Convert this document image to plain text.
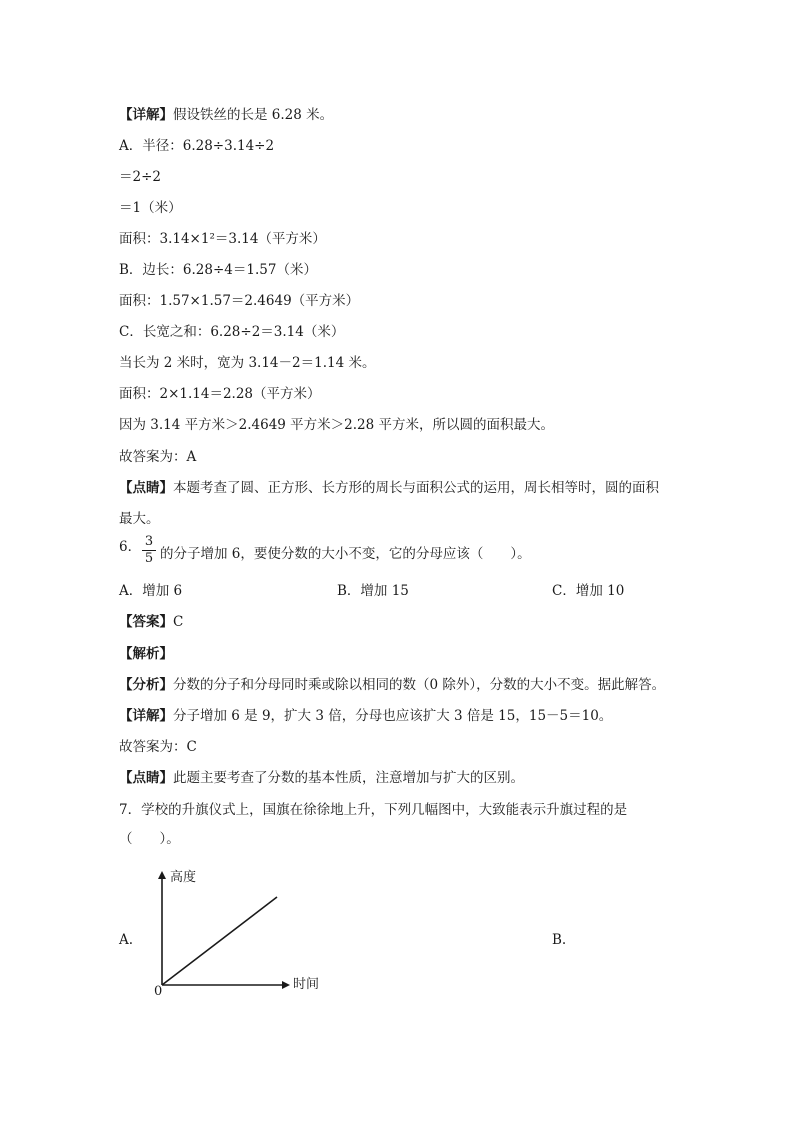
【详解】假设铁丝的长是 6.28 米。
A．半径：6.28÷3.14÷2
＝2÷2
＝1（米）
面积：3.14×1²＝3.14（平方米）
B．边长：6.28÷4＝1.57（米）
面积：1.57×1.57＝2.4649（平方米）
C．长宽之和：6.28÷2＝3.14（米）
当长为 2 米时，宽为 3.14－2＝1.14 米。
面积：2×1.14＝2.28（平方米）
因为 3.14 平方米＞2.4649 平方米＞2.28 平方米，所以圆的面积最大。
故答案为：A
【点睛】本题考查了圆、正方形、长方形的周长与面积公式的运用，周长相等时，圆的面积
最大。
6． $\frac{3}{5}$ 的分子增加 6，要使分数的大小不变，它的分母应该（　　）。
A．增加 6	B．增加 15	C．增加 10
【答案】C
【解析】
【分析】分数的分子和分母同时乘或除以相同的数（0 除外），分数的大小不变。据此解答。
【详解】分子增加 6 是 9，扩大 3 倍，分母也应该扩大 3 倍是 15，15－5＝10。
故答案为：C
【点睛】此题主要考查了分数的基本性质，注意增加与扩大的区别。
7．学校的升旗仪式上，国旗在徐徐地上升，下列几幅图中，大致能表示升旗过程的是
（　　）。
A.	B.
高度
时间
0
